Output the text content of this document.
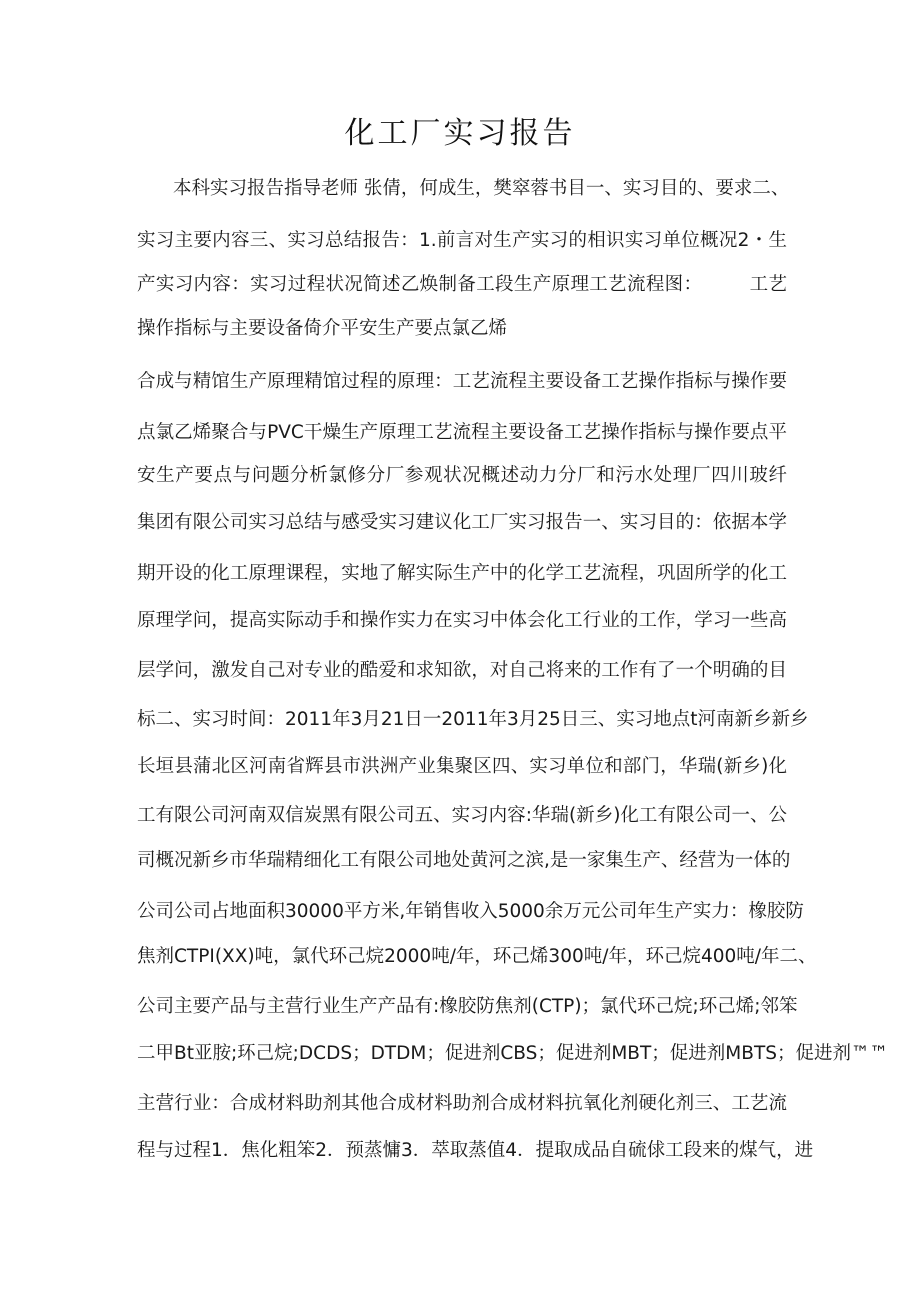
化工厂实习报告
本科实习报告指导老师 张倩，何成生，樊窣蓉书目一、实习目的、要求二、
实习主要内容三、实习总结报告：1.前言对生产实习的相识实习单位概况2・生
产实习内容：实习过程状况简述乙焕制备工段生产原理工艺流程图：　　　工艺
操作指标与主要设备倚介平安生产要点氯乙烯
合成与精馆生产原理精馆过程的原理：工艺流程主要设备工艺操作指标与操作要
点氯乙烯聚合与PVC干燥生产原理工艺流程主要设备工艺操作指标与操作要点平
安生产要点与问题分析氯修分厂参观状况概述动力分厂和污水处理厂四川玻纤
集团有限公司实习总结与感受实习建议化工厂实习报告一、实习目的：依据本学
期开设的化工原理课程，实地了解实际生产中的化学工艺流程，巩固所学的化工
原理学问，提高实际动手和操作实力在实习中体会化工行业的工作，学习一些高
层学问，激发自己对专业的酷爱和求知欲，对自己将来的工作有了一个明确的目
标二、实习时间：2011年3月21日一2011年3月25日三、实习地点t河南新乡新乡
长垣县蒲北区河南省辉县市洪洲产业集聚区四、实习单位和部门，华瑞(新乡)化
工有限公司河南双信炭黑有限公司五、实习内容:华瑞(新乡)化工有限公司一、公
司概况新乡市华瑞精细化工有限公司地处黄河之滨,是一家集生产、经营为一体的
公司公司占地面积30000平方米,年销售收入5000余万元公司年生产实力：橡胶防
焦剂CTPI(XX)吨，氯代环己烷2000吨/年，环己烯300吨/年，环己烷400吨/年二、
公司主要产品与主营行业生产产品有:橡胶防焦剂(CTP)；氯代环己烷;环己烯;邻笨
二甲Bt亚胺;环己烷;DCDS；DTDM；促进剂CBS；促进剂MBT；促进剂MBTS；促进剂™™
主营行业：合成材料助剂其他合成材料助剂合成材料抗氧化剂硬化剂三、工艺流
程与过程1．焦化粗笨2．预蒸慵3．萃取蒸值4．提取成品自硫俅工段来的煤气，进
